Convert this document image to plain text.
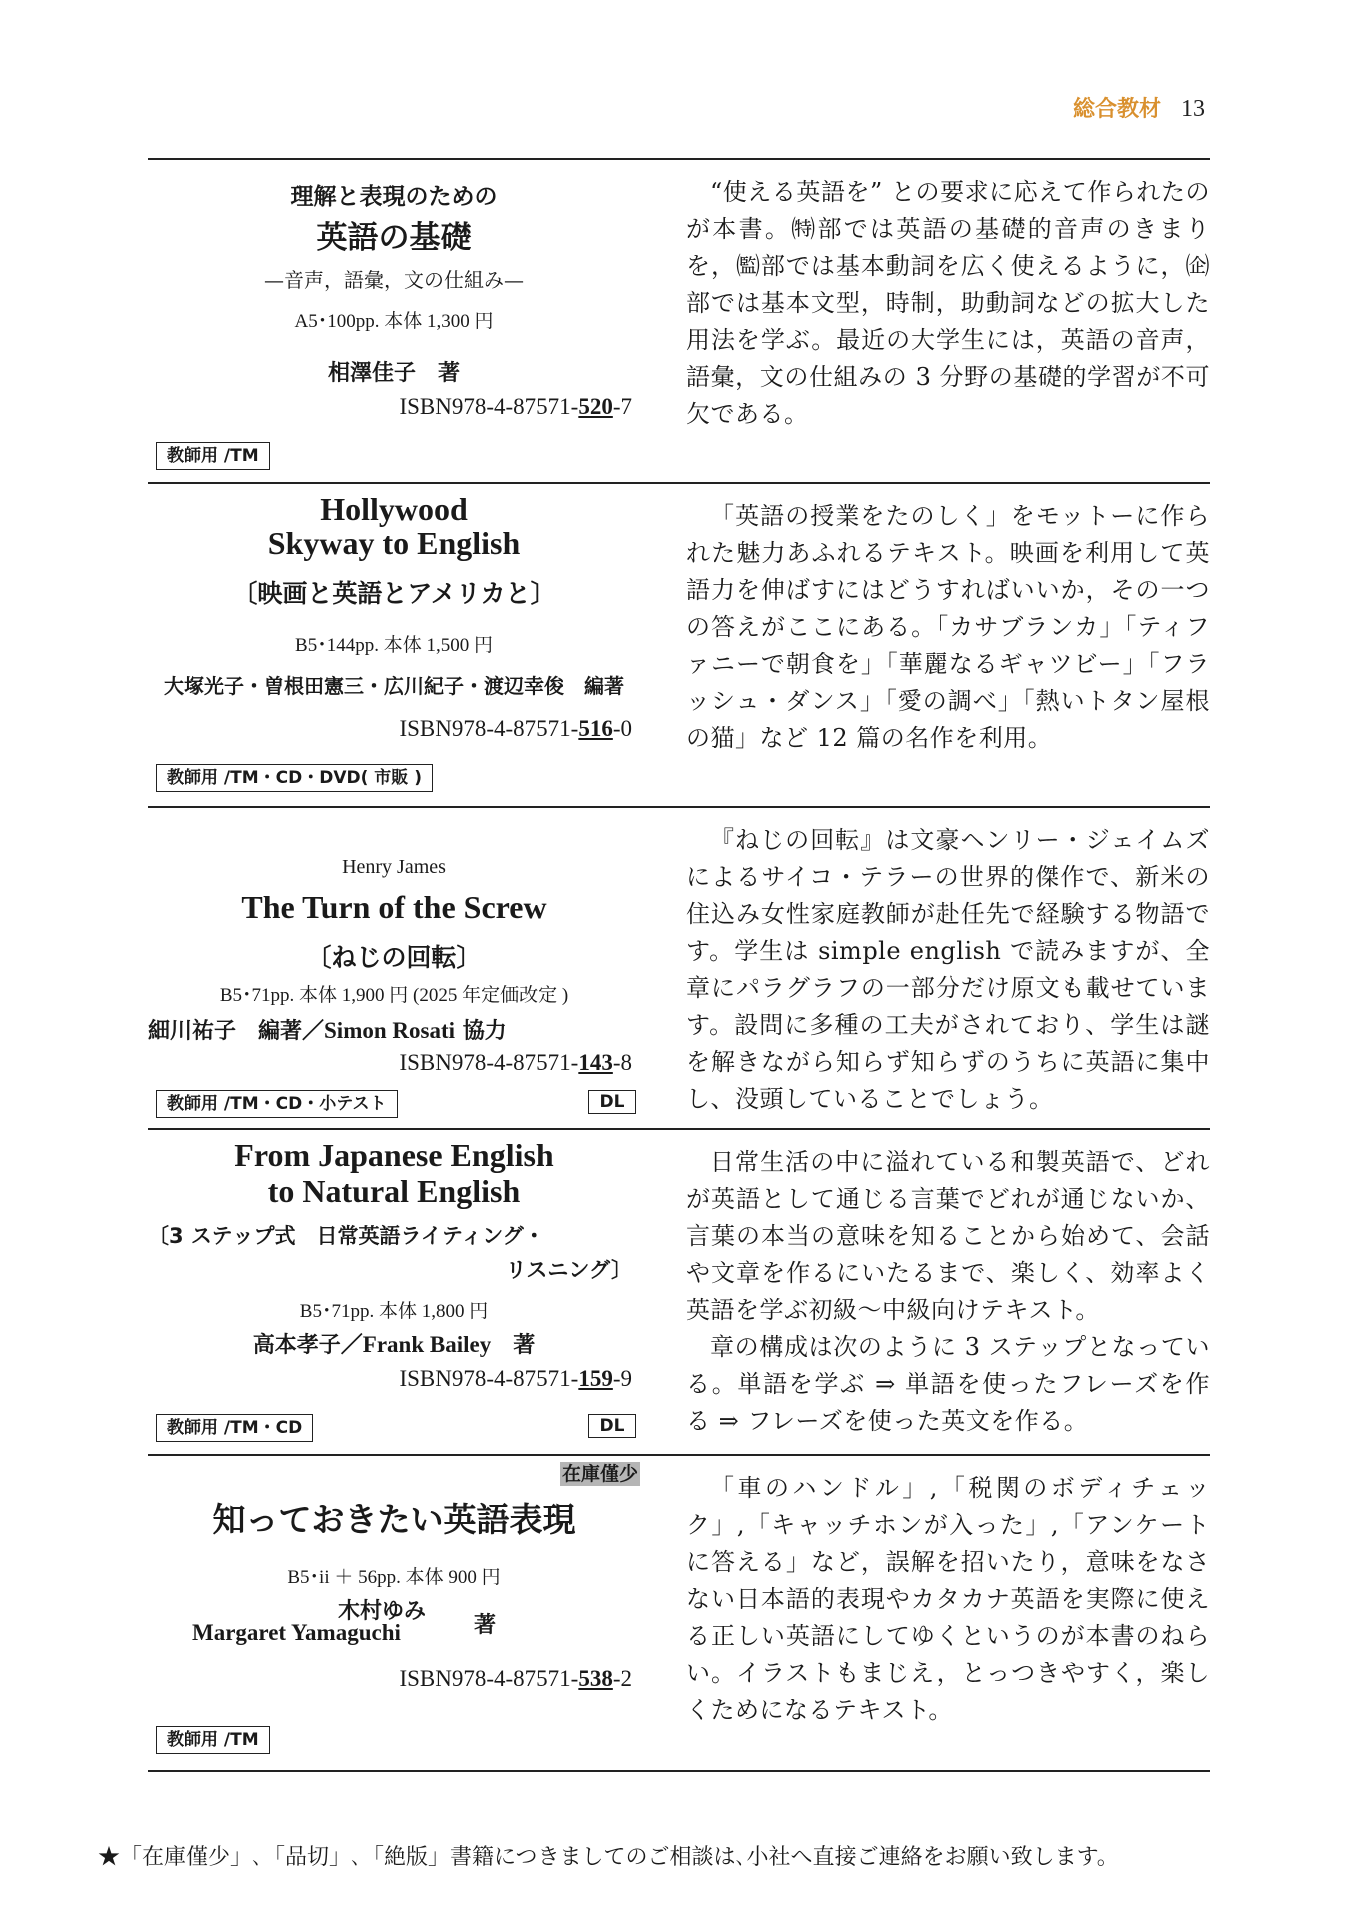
総合教材 13
理解と表現のための
英語の基礎
—音声，語彙，文の仕組み—
A5･100pp. 本体 1,300 円
相澤佳子　著
ISBN978-4-87571-520-7
教師用 /TM

“使える英語を” との要求に応えて作られたのが本書。㈵部では英語の基礎的音声のきまりを，㈼部では基本動詞を広く使えるように，㈽部では基本文型，時制，助動詞などの拡大した用法を学ぶ。最近の大学生には，英語の音声，語彙，文の仕組みの 3 分野の基礎的学習が不可欠である。

Hollywood
Skyway to English
〔映画と英語とアメリカと〕
B5･144pp. 本体 1,500 円
大塚光子・曽根田憲三・広川紀子・渡辺幸俊　編著
ISBN978-4-87571-516-0
教師用 /TM・CD・DVD( 市販 )

「英語の授業をたのしく」をモットーに作られた魅力あふれるテキスト。映画を利用して英語力を伸ばすにはどうすればいいか，その一つの答えがここにある。「カサブランカ」「ティファニーで朝食を」「華麗なるギャツビー」「フラッシュ・ダンス」「愛の調べ」「熱いトタン屋根の猫」など 12 篇の名作を利用。

Henry James
The Turn of the Screw
〔ねじの回転〕
B5･71pp. 本体 1,900 円 (2025 年定価改定 )
細川祐子　編著／Simon Rosati 協力
ISBN978-4-87571-143-8
教師用 /TM・CD・小テスト	DL

『ねじの回転』は文豪ヘンリー・ジェイムズによるサイコ・テラーの世界的傑作で、新米の住込み女性家庭教師が赴任先で経験する物語です。学生は simple english で読みますが、全章にパラグラフの一部分だけ原文も載せています。設問に多種の工夫がされており、学生は謎を解きながら知らず知らずのうちに英語に集中し、没頭していることでしょう。

From Japanese English
to Natural English
〔3 ステップ式　日常英語ライティング・
リスニング〕
B5･71pp. 本体 1,800 円
高本孝子／Frank Bailey　 著
ISBN978-4-87571-159-9
教師用 /TM・CD	DL

日常生活の中に溢れている和製英語で、どれが英語として通じる言葉でどれが通じないか、言葉の本当の意味を知ることから始めて、会話や文章を作るにいたるまで、楽しく、効率よく英語を学ぶ初級～中級向けテキスト。

章の構成は次のように 3 ステップとなっている。単語を学ぶ ⇒ 単語を使ったフレーズを作る ⇒ フレーズを使った英文を作る。

在庫僅少
知っておきたい英語表現
B5･ii ＋ 56pp. 本体 900 円
木村ゆみ
Margaret Yamaguchi	著
ISBN978-4-87571-538-2
教師用 /TM

「車のハンドル」,「税関のボディチェック」,「キャッチホンが入った」,「アンケートに答える」など，誤解を招いたり，意味をなさない日本語的表現やカタカナ英語を実際に使える正しい英語にしてゆくというのが本書のねらい。イラストもまじえ，とっつきやすく，楽しくためになるテキスト。

★「在庫僅少」､「品切」､「絶版」書籍につきましてのご相談は､小社へ直接ご連絡をお願い致します。
